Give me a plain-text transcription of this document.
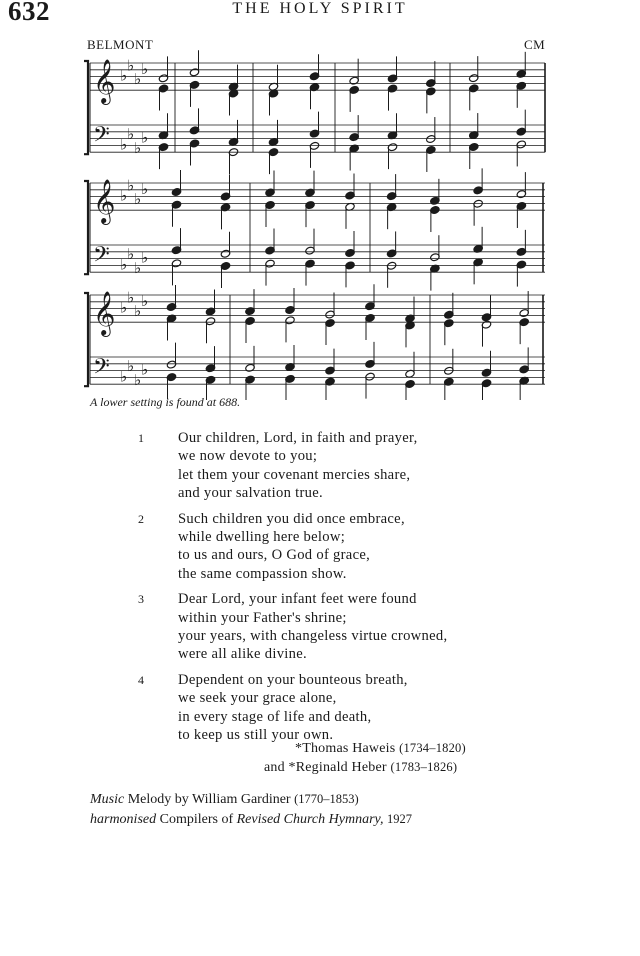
632	THE HOLY SPIRIT
BELMONT	CM
𝄞 ♭
♭
♭
♭
𝄢 ♭
♭
♭
♭
𝄞 ♭
♭
♭
♭
𝄢 ♭
♭
♭
♭
𝄞 ♭
♭
♭
♭
𝄢 ♭
♭
♭
♭
A lower setting is found at 688.
1 Our children, Lord, in faith and prayer,
we now devote to you;
let them your covenant mercies share,
and your salvation true.
2 Such children you did once embrace,
while dwelling here below;
to us and ours, O God of grace,
the same compassion show.
3 Dear Lord, your infant feet were found
within your Father's shrine;
your years, with changeless virtue crowned,
were all alike divine.
4 Dependent on your bounteous breath,
we seek your grace alone,
in every stage of life and death,
to keep us still your own.
*Thomas Haweis (1734–1820)
and *Reginald Heber (1783–1826)
Music Melody by William Gardiner (1770–1853)
harmonised Compilers of Revised Church Hymnary, 1927
